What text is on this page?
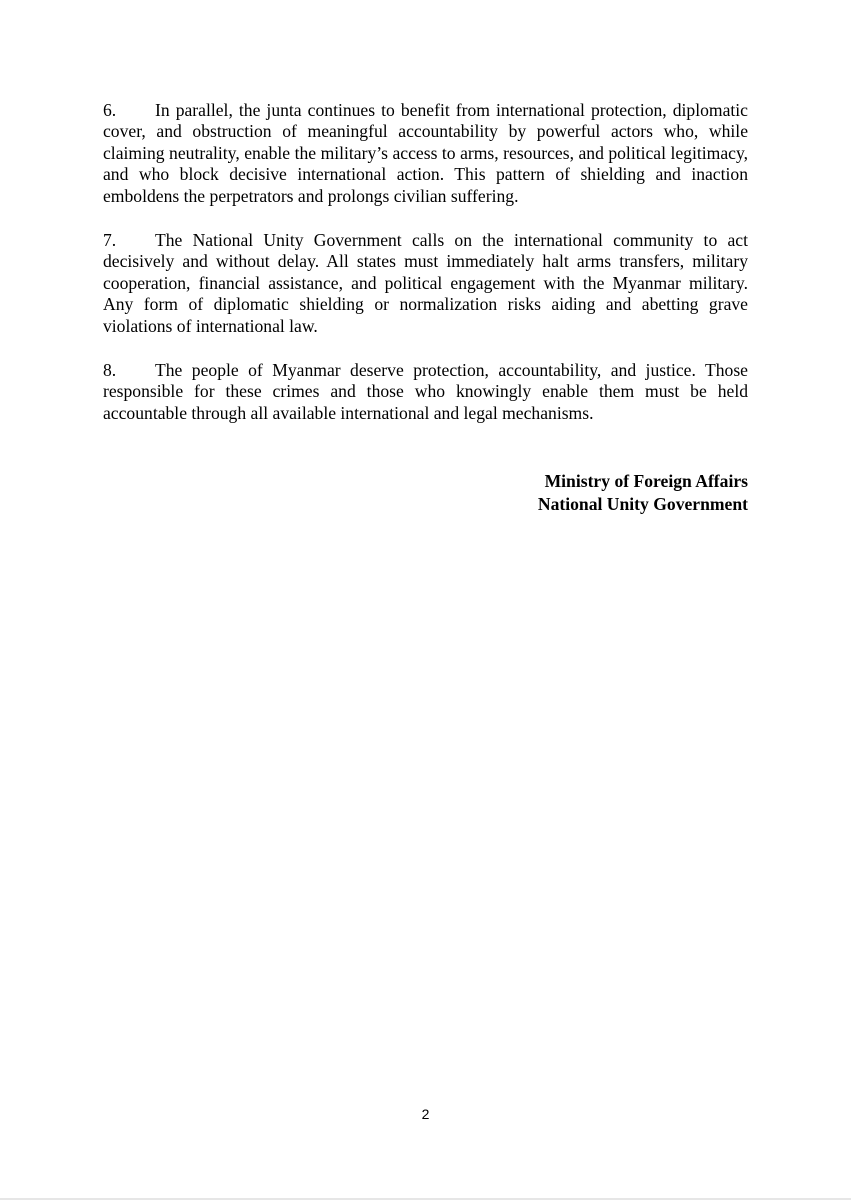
6. In parallel, the junta continues to benefit from international protection, diplomatic cover, and obstruction of meaningful accountability by powerful actors who, while claiming neutrality, enable the military’s access to arms, resources, and political legitimacy, and who block decisive international action. This pattern of shielding and inaction emboldens the perpetrators and prolongs civilian suffering.

7. The National Unity Government calls on the international community to act decisively and without delay. All states must immediately halt arms transfers, military cooperation, financial assistance, and political engagement with the Myanmar military. Any form of diplomatic shielding or normalization risks aiding and abetting grave violations of international law.

8. The people of Myanmar deserve protection, accountability, and justice. Those responsible for these crimes and those who knowingly enable them must be held accountable through all available international and legal mechanisms.

Ministry of Foreign Affairs
National Unity Government
2
